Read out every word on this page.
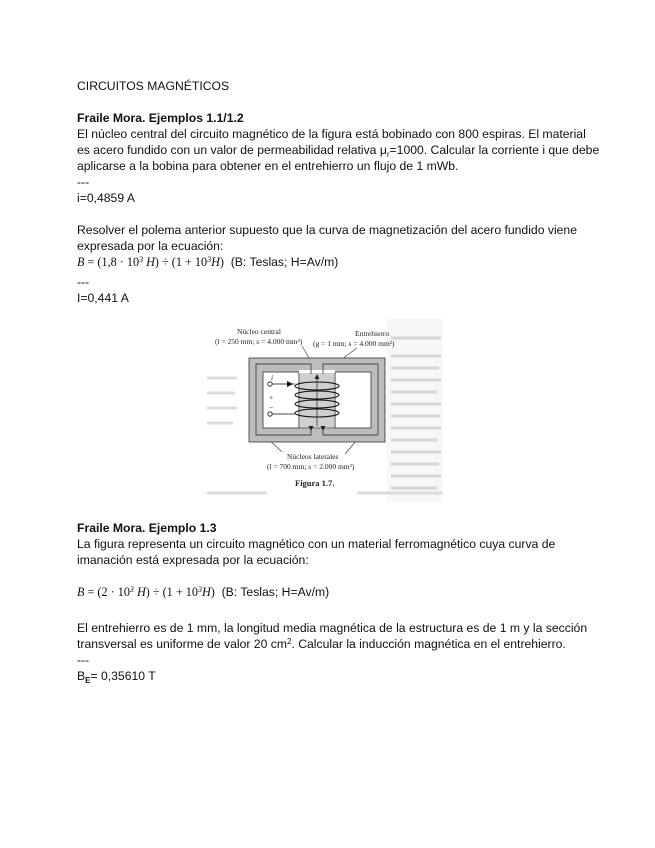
CIRCUITOS MAGNÉTICOS
Fraile Mora. Ejemplos 1.1/1.2
El núcleo central del circuito magnético de la figura está bobinado con 800 espiras. El material
es acero fundido con un valor de permeabilidad relativa $\mu_r=1000$. Calcular la corriente i que debe
aplicarse a la bobina para obtener en el entrehierro un flujo de 1 mWb.
---
i=0,4859 A
Resolver el polema anterior supuesto que la curva de magnetización del acero fundido viene
expresada por la ecuación:
$B = (1,8 \cdot 10^3$ $H) \div (1 + 10^3H)$ (B: Teslas; H=Av/m)
---
I=0,441 A
Núcleo central
(l = 250 mm; s = 4.000 mm²)
Entrehierro
(g = 1 mm; s = 4.000 mm²)
i
+
−
Núcleos laterales
(l = 700 mm; s = 2.000 mm²)
Figura 1.7.
Fraile Mora. Ejemplo 1.3
La figura representa un circuito magnético con un material ferromagnético cuya curva de
imanación está expresada por la ecuación:
$B = (2 \cdot 10^3$ $H) \div (1 + 10^3H)$ (B: Teslas; H=Av/m)
El entrehierro es de 1 mm, la longitud media magnética de la estructura es de 1 m y la sección
transversal es uniforme de valor 20 $cm^2$. Calcular la inducción magnética en el entrehierro.
---
$B_E= 0,35610$ T
